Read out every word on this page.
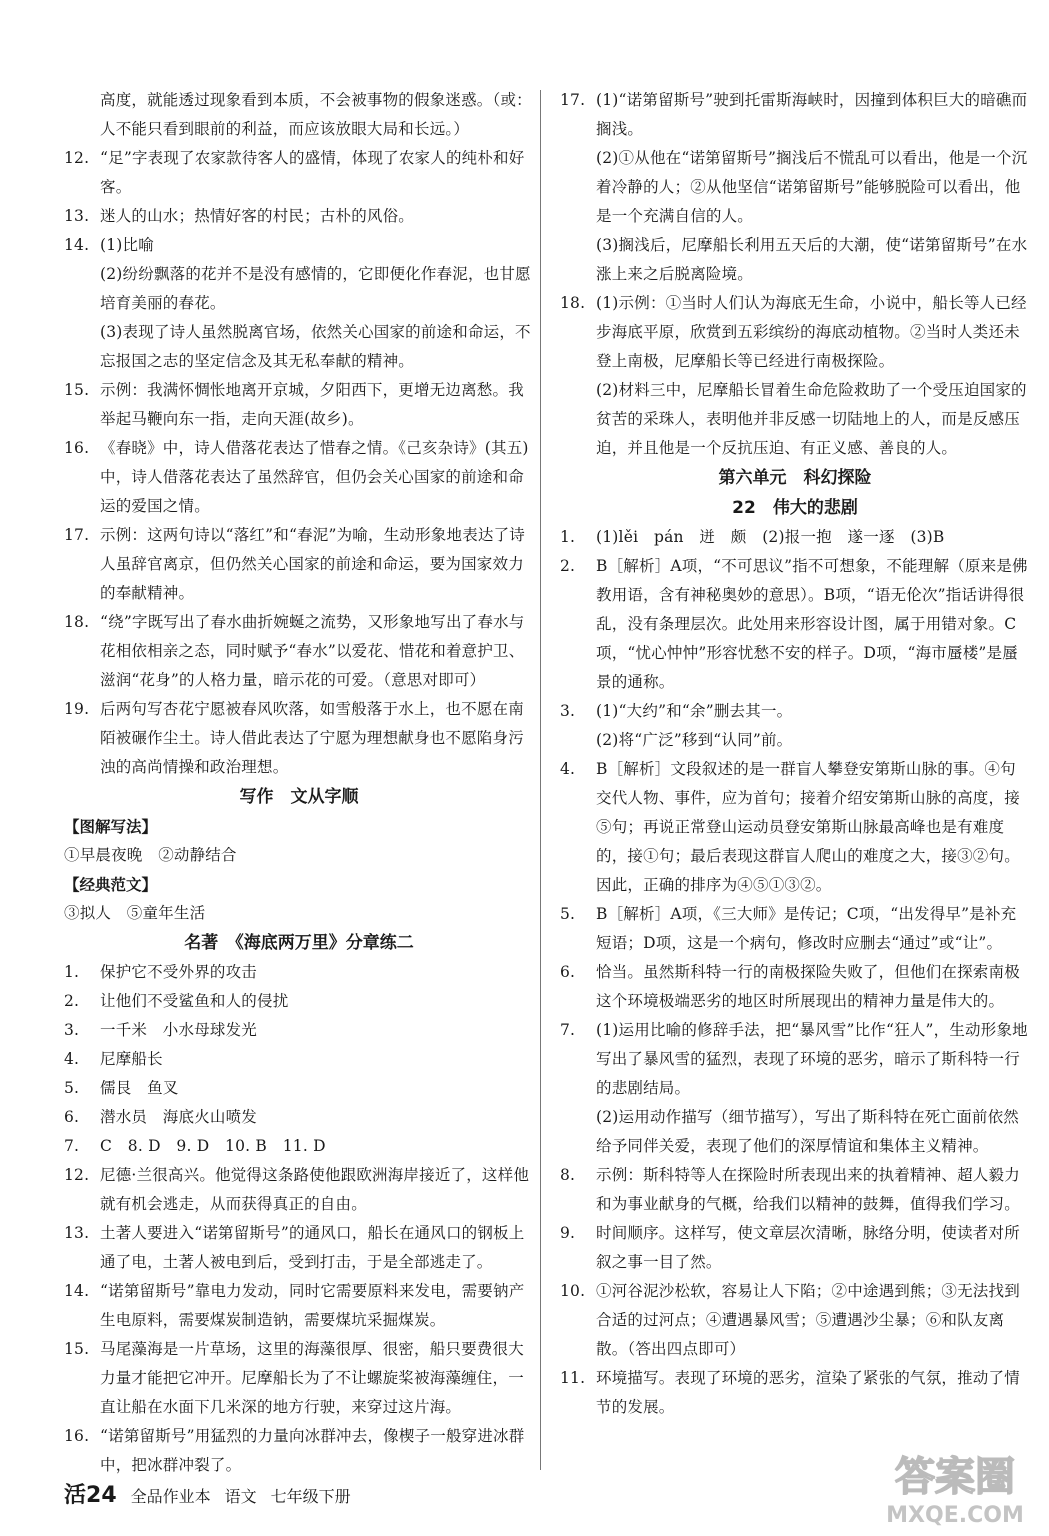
高度，就能透过现象看到本质，不会被事物的假象迷惑。（或：人不能只看到眼前的利益，而应该放眼大局和长远。）
12. “足”字表现了农家款待客人的盛情，体现了农家人的纯朴和好客。
13. 迷人的山水；热情好客的村民；古朴的风俗。
14. (1)比喻
(2)纷纷飘落的花并不是没有感情的，它即便化作春泥，也甘愿培育美丽的春花。
(3)表现了诗人虽然脱离官场，依然关心国家的前途和命运，不忘报国之志的坚定信念及其无私奉献的精神。
15. 示例：我满怀惆怅地离开京城，夕阳西下，更增无边离愁。我举起马鞭向东一指，走向天涯(故乡)。
16. 《春晓》中，诗人借落花表达了惜春之情。《己亥杂诗》(其五)中，诗人借落花表达了虽然辞官，但仍会关心国家的前途和命运的爱国之情。
17. 示例：这两句诗以“落红”和“春泥”为喻，生动形象地表达了诗人虽辞官离京，但仍然关心国家的前途和命运，要为国家效力的奉献精神。
18. “绕”字既写出了春水曲折婉蜒之流势，又形象地写出了春水与花相依相亲之态，同时赋予“春水”以爱花、惜花和着意护卫、滋润“花身”的人格力量，暗示花的可爱。（意思对即可）
19. 后两句写杏花宁愿被春风吹落，如雪般落于水上，也不愿在南陌被碾作尘土。诗人借此表达了宁愿为理想献身也不愿陷身污浊的高尚情操和政治理想。
写作　文从字顺
【图解写法】
①早晨夜晚　②动静结合
【经典范文】
③拟人　⑤童年生活
名著　《海底两万里》分章练二
1.	保护它不受外界的攻击
2.	让他们不受鲨鱼和人的侵扰
3.	一千米　小水母球发光
4.	尼摩船长
5.	儒艮　鱼叉
6.	潜水员　海底火山喷发
7.	C　8. D　9. D　10. B　11. D
12. 尼德·兰很高兴。他觉得这条路使他跟欧洲海岸接近了，这样他就有机会逃走，从而获得真正的自由。
13. 土著人要进入“诺第留斯号”的通风口，船长在通风口的钢板上通了电，土著人被电到后，受到打击，于是全部逃走了。
14. “诺第留斯号”靠电力发动，同时它需要原料来发电，需要钠产生电原料，需要煤炭制造钠，需要煤坑采掘煤炭。
15. 马尾藻海是一片草场，这里的海藻很厚、很密，船只要费很大力量才能把它冲开。尼摩船长为了不让螺旋桨被海藻缠住，一直让船在水面下几米深的地方行驶，来穿过这片海。
16. “诺第留斯号”用猛烈的力量向冰群冲去，像楔子一般穿进冰群中，把冰群冲裂了。
17. (1)“诺第留斯号”驶到托雷斯海峡时，因撞到体积巨大的暗礁而搁浅。
(2)①从他在“诺第留斯号”搁浅后不慌乱可以看出，他是一个沉着冷静的人；②从他坚信“诺第留斯号”能够脱险可以看出，他是一个充满自信的人。
(3)搁浅后，尼摩船长利用五天后的大潮，使“诺第留斯号”在水涨上来之后脱离险境。
18. (1)示例：①当时人们认为海底无生命，小说中，船长等人已经步海底平原，欣赏到五彩缤纷的海底动植物。②当时人类还未登上南极，尼摩船长等已经进行南极探险。
(2)材料三中，尼摩船长冒着生命危险救助了一个受压迫国家的贫苦的采珠人，表明他并非反感一切陆地上的人，而是反感压迫，并且他是一个反抗压迫、有正义感、善良的人。
第六单元　科幻探险
22　伟大的悲剧
1.	(1)lěi　pán　迸　颇　(2)报一抱　遂一逐　(3)B
2.	B［解析］A项，“不可思议”指不可想象，不能理解（原来是佛教用语，含有神秘奥妙的意思）。B项，“语无伦次”指话讲得很乱，没有条理层次。此处用来形容设计图，属于用错对象。C项，“忧心忡忡”形容忧愁不安的样子。D项，“海市蜃楼”是蜃景的通称。
3.	(1)“大约”和“余”删去其一。
(2)将“广泛”移到“认同”前。
4.	B［解析］文段叙述的是一群盲人攀登安第斯山脉的事。④句交代人物、事件，应为首句；接着介绍安第斯山脉的高度，接⑤句；再说正常登山运动员登安第斯山脉最高峰也是有难度的，接①句；最后表现这群盲人爬山的难度之大，接③②句。因此，正确的排序为④⑤①③②。
5.	B［解析］A项，《三大师》是传记；C项，“出发得早”是补充短语；D项，这是一个病句，修改时应删去“通过”或“让”。
6.	恰当。虽然斯科特一行的南极探险失败了，但他们在探索南极这个环境极端恶劣的地区时所展现出的精神力量是伟大的。
7.	(1)运用比喻的修辞手法，把“暴风雪”比作“狂人”，生动形象地写出了暴风雪的猛烈，表现了环境的恶劣，暗示了斯科特一行的悲剧结局。
(2)运用动作描写（细节描写），写出了斯科特在死亡面前依然给予同伴关爱，表现了他们的深厚情谊和集体主义精神。
8.	示例：斯科特等人在探险时所表现出来的执着精神、超人毅力和为事业献身的气概，给我们以精神的鼓舞，值得我们学习。
9.	时间顺序。这样写，使文章层次清晰，脉络分明，使读者对所叙之事一目了然。
10. ①河谷泥沙松软，容易让人下陷；②中途遇到熊；③无法找到合适的过河点；④遭遇暴风雪；⑤遭遇沙尘暴；⑥和队友离散。（答出四点即可）
11. 环境描写。表现了环境的恶劣，渲染了紧张的气氛，推动了情节的发展。
活 24 全品作业本 语文 七年级下册	答案圈
MXQE.COM
